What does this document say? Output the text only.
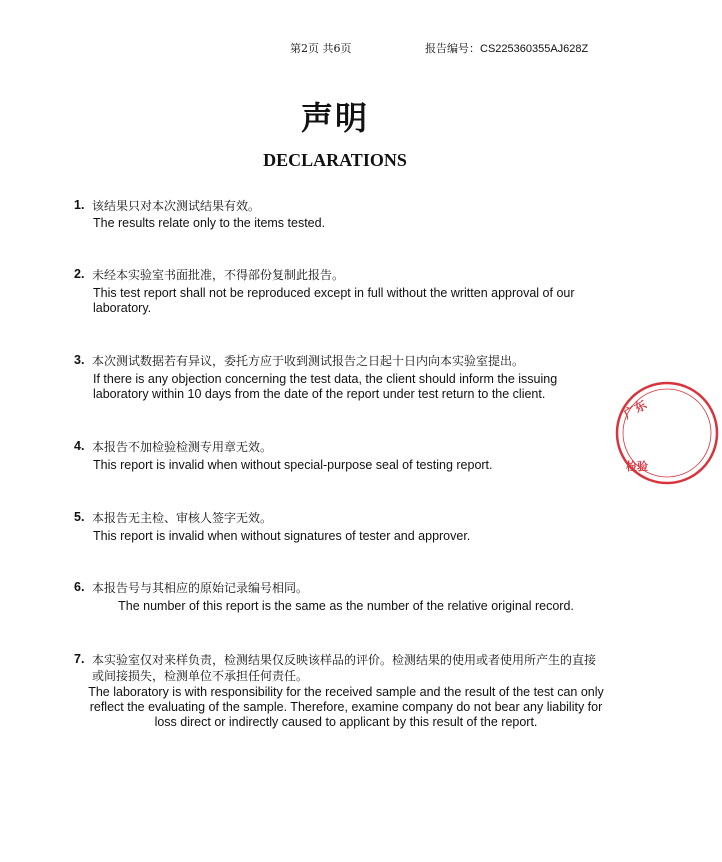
第2页 共6页	报告编号：CS225360355AJ628Z
声明
DECLARATIONS
1. 该结果只对本次测试结果有效。
The results relate only to the items tested.
2. 未经本实验室书面批准，不得部份复制此报告。
This test report shall not be reproduced except in full without the written approval of our laboratory.
3. 本次测试数据若有异议，委托方应于收到测试报告之日起十日内向本实验室提出。
If there is any objection concerning the test data, the client should inform the issuing laboratory within 10 days from the date of the report under test return to the client.
4. 本报告不加检验检测专用章无效。
This report is invalid when without special-purpose seal of testing report.
5. 本报告无主检、审核人签字无效。
This report is invalid when without signatures of tester and approver.
6. 本报告号与其相应的原始记录编号相同。
The number of this report is the same as the number of the relative original record.
7. 本实验室仅对来样负责，检测结果仅反映该样品的评价。检测结果的使用或者使用所产生的直接或间接损失，检测单位不承担任何责任。
The laboratory is with responsibility for the received sample and the result of the test can only reflect the evaluating of the sample. Therefore, examine company do not bear any liability for loss direct or indirectly caused to applicant by this result of the report.
广东
检验
